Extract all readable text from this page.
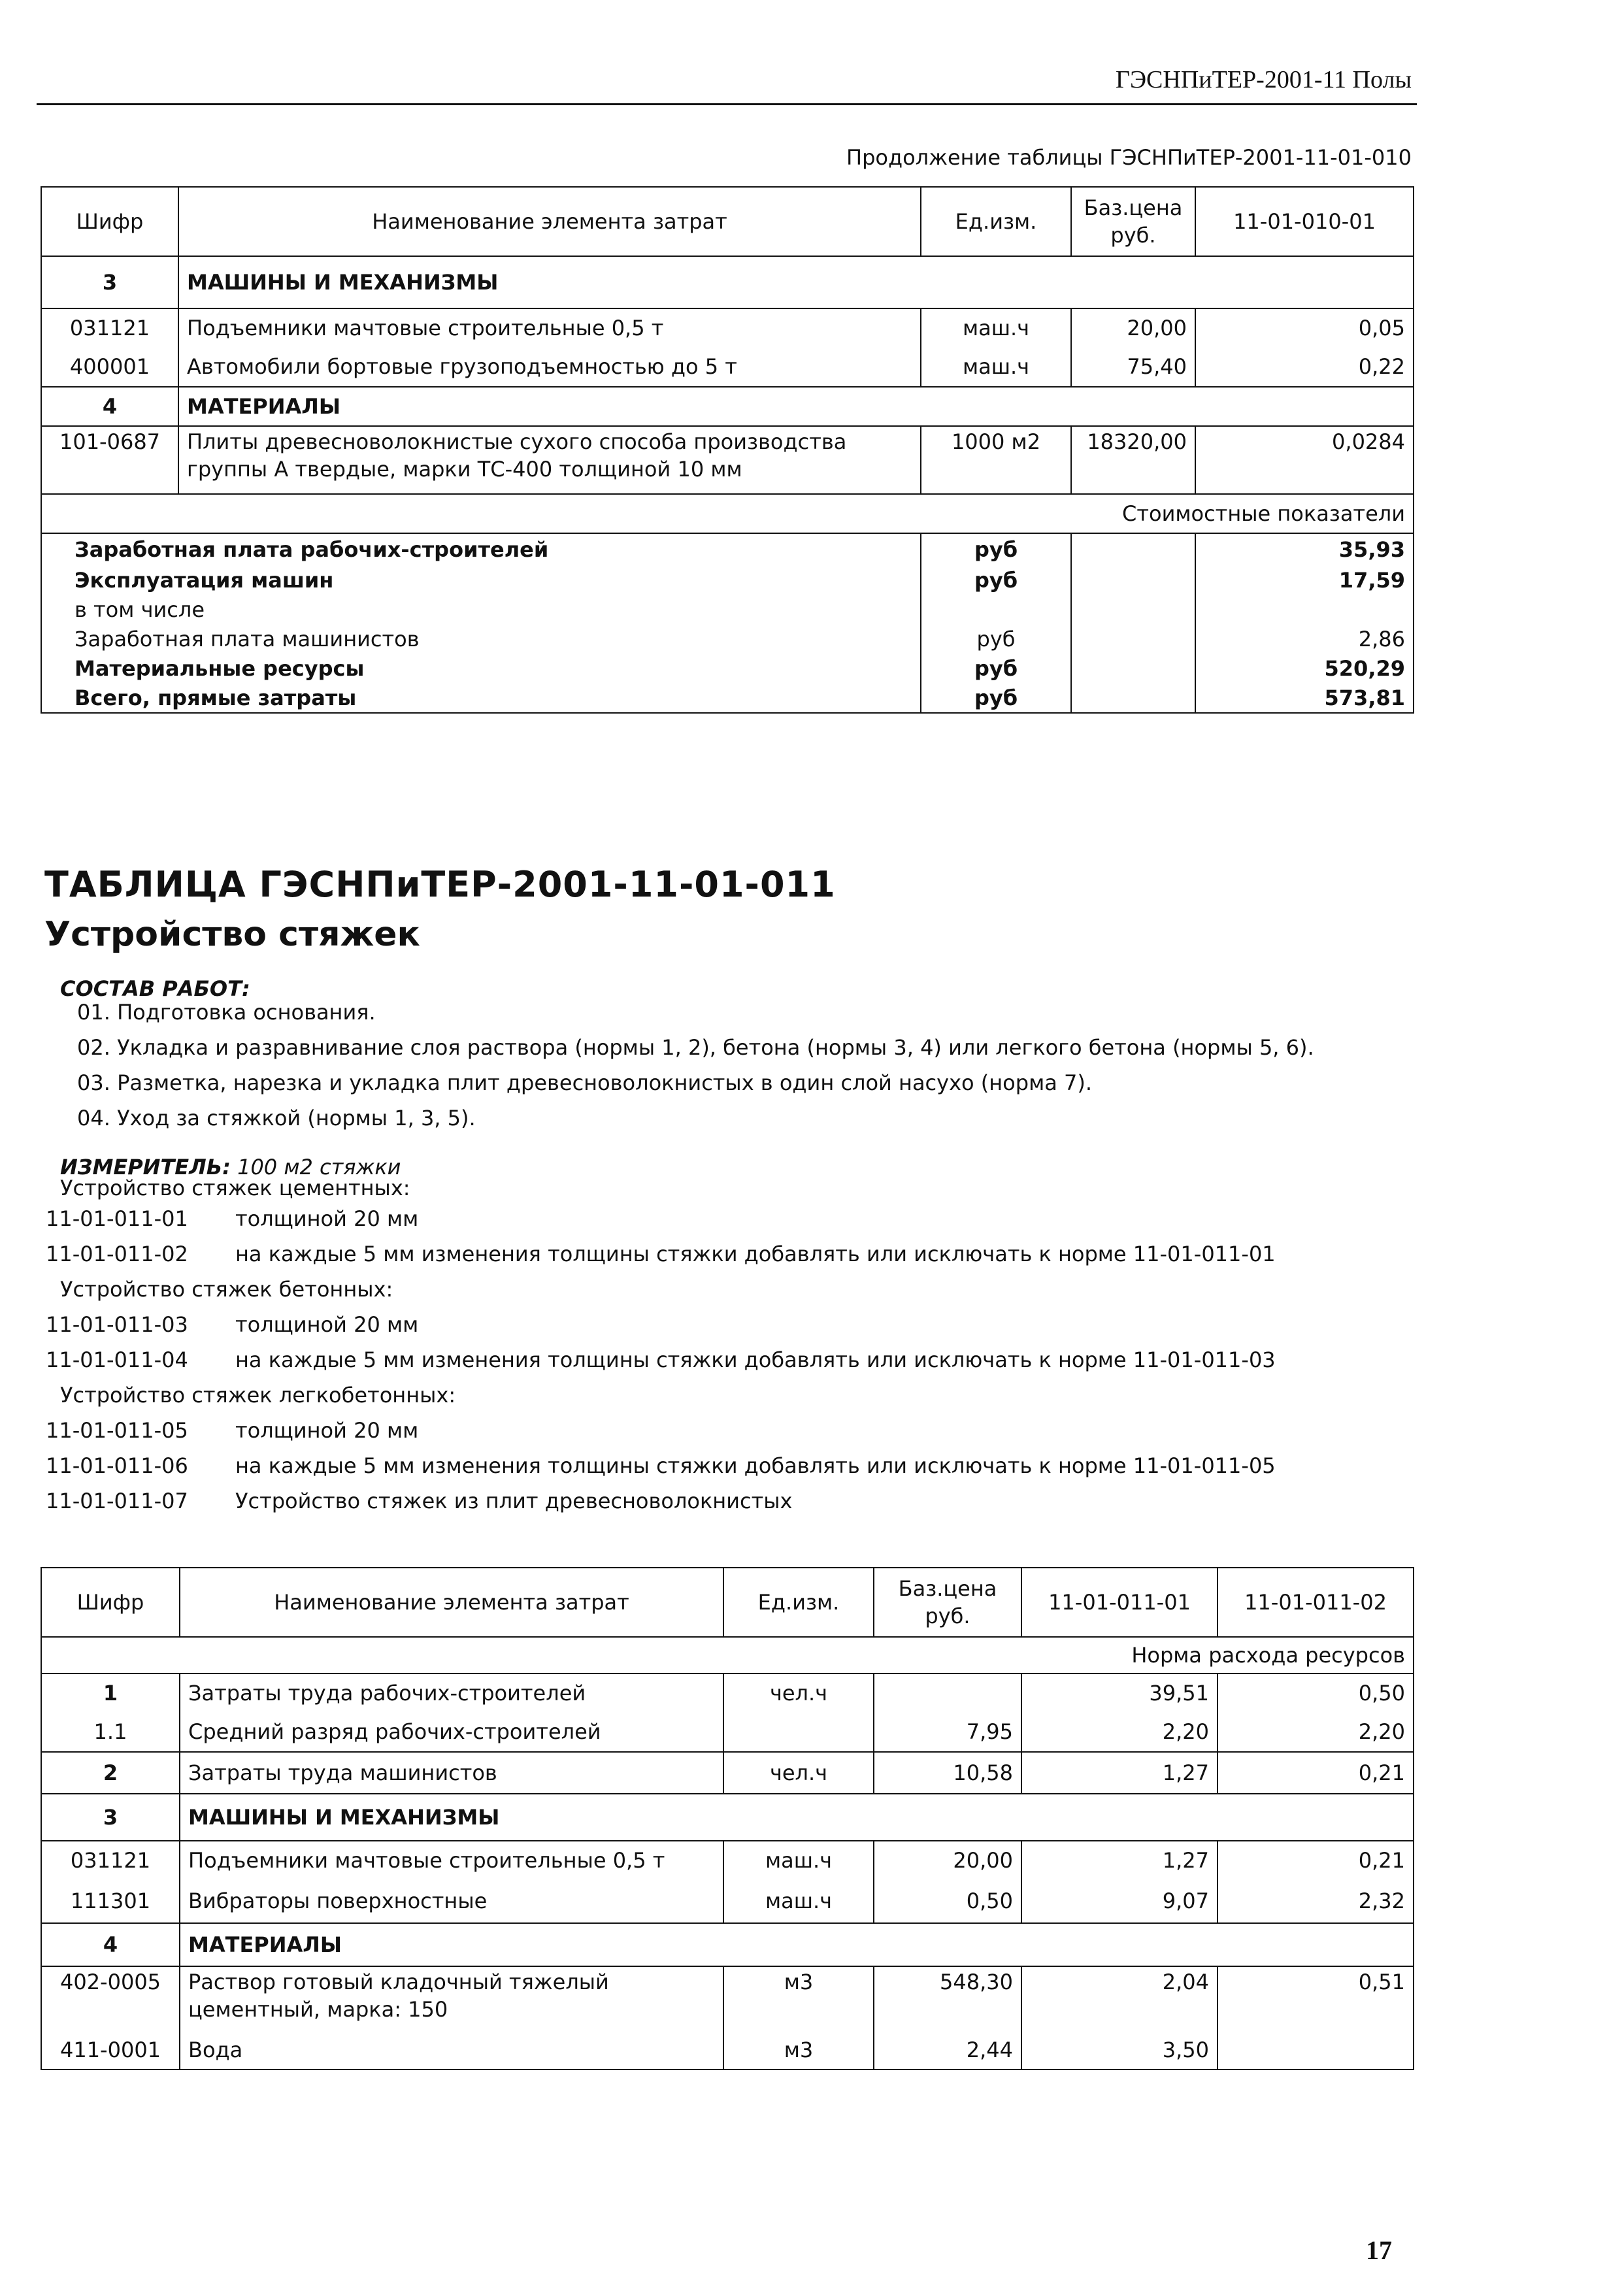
ГЭСНПиТЕР-2001-11 Полы
Продолжение таблицы ГЭСНПиТЕР-2001-11-01-010
Шифр	Наименование элемента затрат	Ед.изм.	Баз.цена руб.	11-01-010-01
3	МАШИНЫ И МЕХАНИЗМЫ			
031121	Подъемники мачтовые строительные 0,5 т	маш.ч	20,00	0,05
400001	Автомобили бортовые грузоподъемностью до 5 т	маш.ч	75,40	0,22
4	МАТЕРИАЛЫ			
101-0687	Плиты древесноволокнистые сухого способа производства группы А твердые, марки ТС-400 толщиной 10 мм	1000 м2	18320,00	0,0284
Стоимостные показатели				
Заработная плата рабочих-строителей		руб		35,93
Эксплуатация машин		руб		17,59
в том числе				
Заработная плата машинистов		руб		2,86
Материальные ресурсы		руб		520,29
Всего, прямые затраты		руб		573,81
ТАБЛИЦА ГЭСНПиТЕР-2001-11-01-011
Устройство стяжек
СОСТАВ РАБОТ:
01. Подготовка основания.
02. Укладка и разравнивание слоя раствора (нормы 1, 2), бетона (нормы 3, 4) или легкого бетона (нормы 5, 6).
03. Разметка, нарезка и укладка плит древесноволокнистых в один слой насухо (норма 7).
04. Уход за стяжкой (нормы 1, 3, 5).
ИЗМЕРИТЕЛЬ: 100 м2 стяжки
Устройство стяжек цементных:
11-01-011-01 толщиной 20 мм
11-01-011-02 на каждые 5 мм изменения толщины стяжки добавлять или исключать к норме 11-01-011-01
Устройство стяжек бетонных:
11-01-011-03 толщиной 20 мм
11-01-011-04 на каждые 5 мм изменения толщины стяжки добавлять или исключать к норме 11-01-011-03
Устройство стяжек легкобетонных:
11-01-011-05 толщиной 20 мм
11-01-011-06 на каждые 5 мм изменения толщины стяжки добавлять или исключать к норме 11-01-011-05
11-01-011-07 Устройство стяжек из плит древесноволокнистых
Шифр	Наименование элемента затрат	Ед.изм.	Баз.цена руб.	11-01-011-01	11-01-011-02
Норма расхода ресурсов					
1	Затраты труда рабочих-строителей	чел.ч		39,51	0,50
1.1	Средний разряд рабочих-строителей		7,95	2,20	2,20
2	Затраты труда машинистов	чел.ч	10,58	1,27	0,21
3	МАШИНЫ И МЕХАНИЗМЫ				
031121	Подъемники мачтовые строительные 0,5 т	маш.ч	20,00	1,27	0,21
111301	Вибраторы поверхностные	маш.ч	0,50	9,07	2,32
4	МАТЕРИАЛЫ				
402-0005	Раствор готовый кладочный тяжелый цементный, марка: 150	м3	548,30	2,04	0,51
411-0001	Вода	м3	2,44	3,50	
17
